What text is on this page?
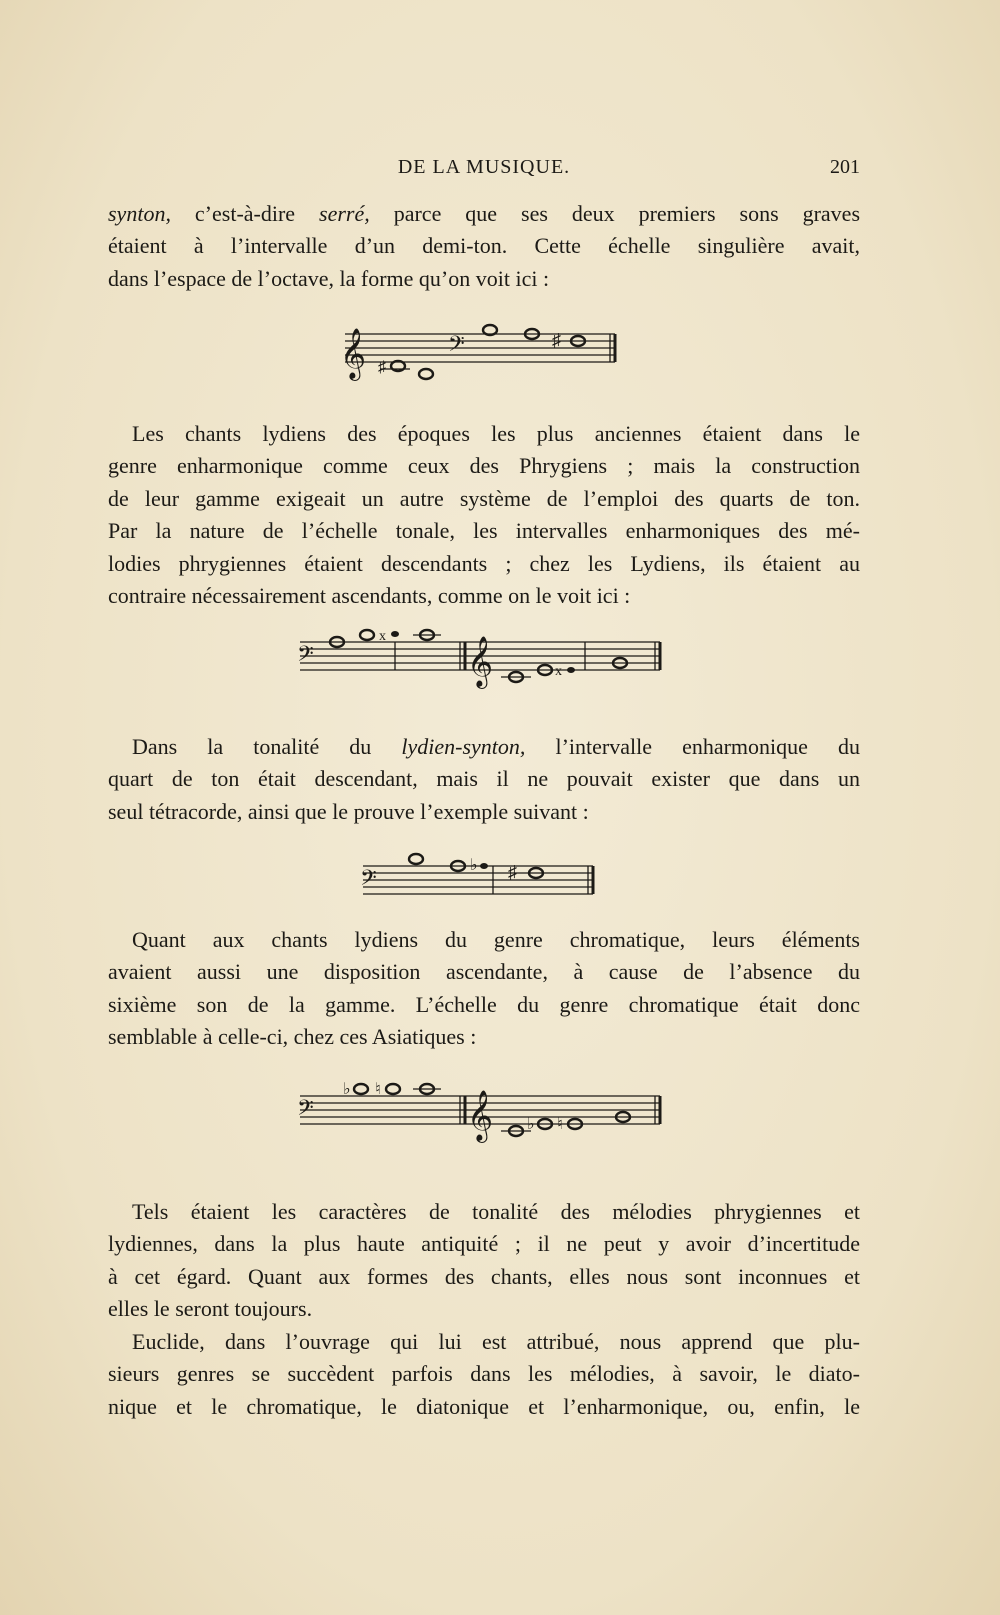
DE LA MUSIQUE.	201
synton, c’est-à-dire serré, parce que ses deux premiers sons graves
étaient à l’intervalle d’un demi-ton. Cette échelle singulière avait,
dans l’espace de l’octave, la forme qu’on voit ici :
𝄞	𝄢
♯
♯
Les chants lydiens des époques les plus anciennes étaient dans le
genre enharmonique comme ceux des Phrygiens ; mais la construction
de leur gamme exigeait un autre système de l’emploi des quarts de ton.
Par la nature de l’échelle tonale, les intervalles enharmoniques des mé-
lodies phrygiennes étaient descendants ; chez les Lydiens, ils étaient au
contraire nécessairement ascendants, comme on le voit ici :
𝄢
x 𝄞	x
Dans la tonalité du lydien-synton, l’intervalle enharmonique du
quart de ton était descendant, mais il ne pouvait exister que dans un
seul tétracorde, ainsi que le prouve l’exemple suivant :
𝄢
♭ ♯
Quant aux chants lydiens du genre chromatique, leurs éléments
avaient aussi une disposition ascendante, à cause de l’absence du
sixième son de la gamme. L’échelle du genre chromatique était donc
semblable à celle-ci, chez ces Asiatiques :
𝄢
♭ ♮
𝄞 ♭ ♮
Tels étaient les caractères de tonalité des mélodies phrygiennes et
lydiennes, dans la plus haute antiquité ; il ne peut y avoir d’incertitude
à cet égard. Quant aux formes des chants, elles nous sont inconnues et
elles le seront toujours.
Euclide, dans l’ouvrage qui lui est attribué, nous apprend que plu-
sieurs genres se succèdent parfois dans les mélodies, à savoir, le diato-
nique et le chromatique, le diatonique et l’enharmonique, ou, enfin, le
